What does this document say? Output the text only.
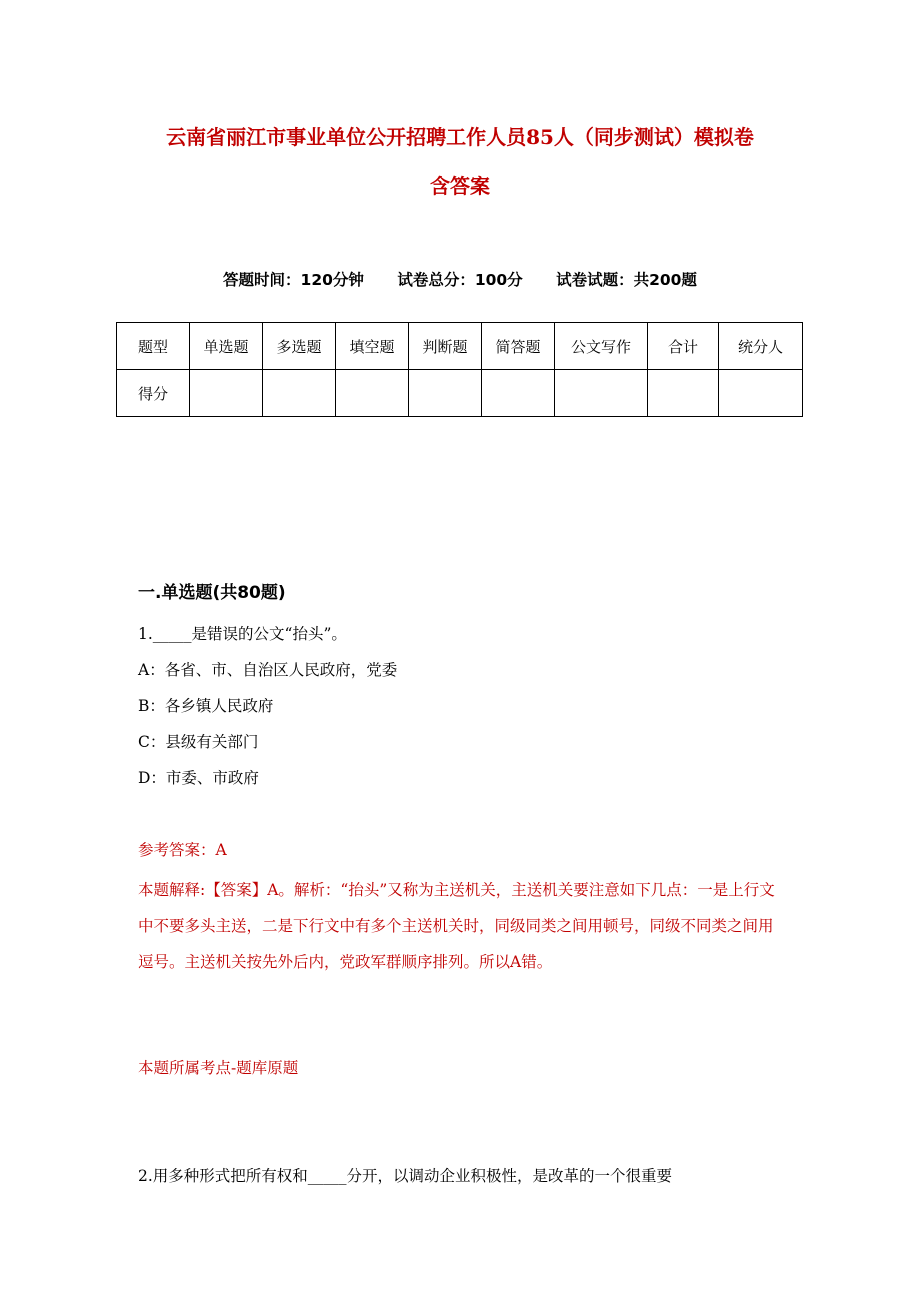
云南省丽江市事业单位公开招聘工作人员85人（同步测试）模拟卷
含答案
答题时间：120分钟 试卷总分：100分 试卷试题：共200题
题型	单选题	多选题	填空题	判断题	简答题	公文写作	合计	统分人
得分								
一.单选题(共80题)
1._____是错误的公文“抬头”。
A：各省、市、自治区人民政府，党委
B：各乡镇人民政府
C：县级有关部门
D：市委、市政府
参考答案：A
本题解释:【答案】A。解析：“抬头”又称为主送机关，主送机关要注意如下几点：一是上行文中不要多头主送，二是下行文中有多个主送机关时，同级同类之间用顿号，同级不同类之间用逗号。主送机关按先外后内，党政军群顺序排列。所以A错。
本题所属考点-题库原题
2.用多种形式把所有权和_____分开，以调动企业积极性，是改革的一个很重要
